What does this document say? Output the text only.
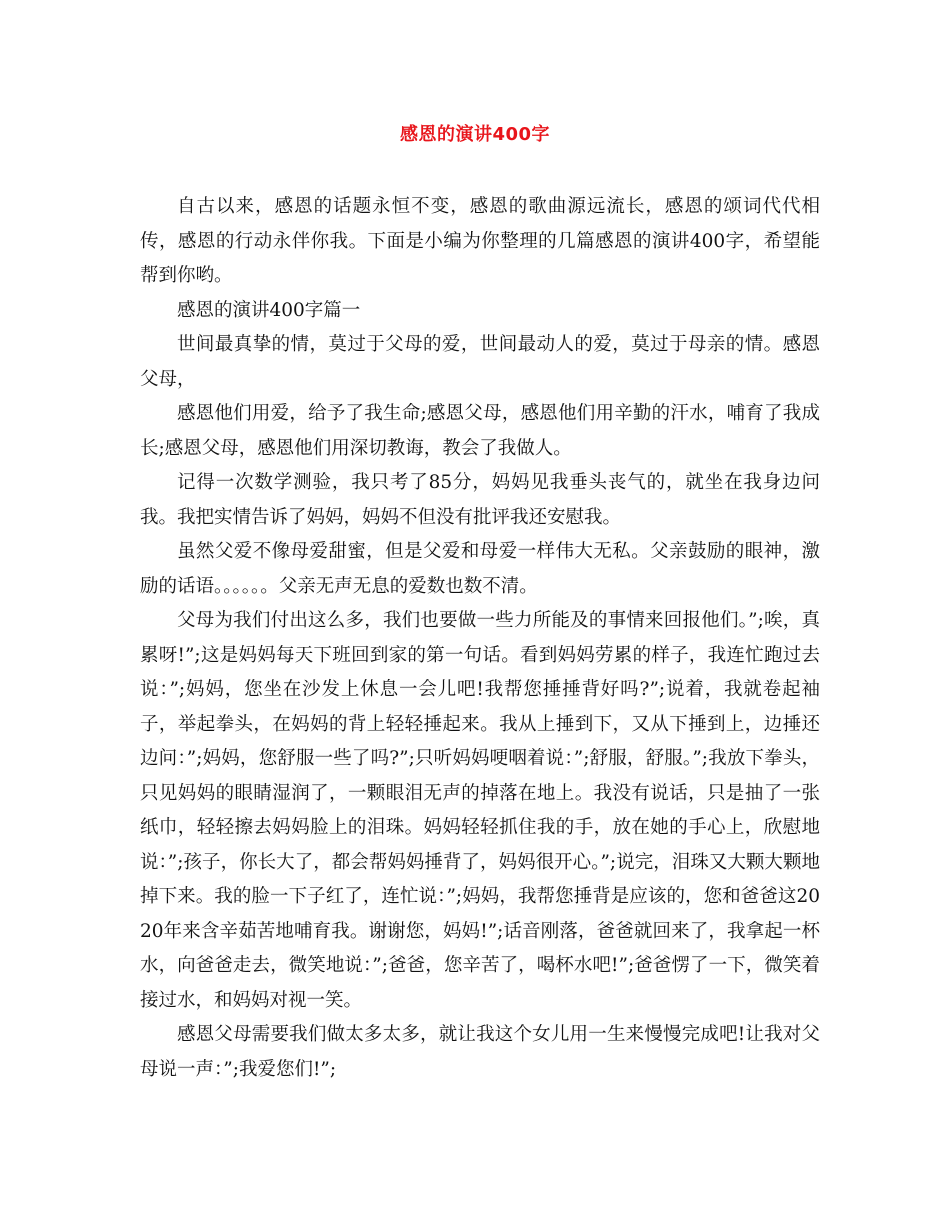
感恩的演讲400字

自古以来，感恩的话题永恒不变，感恩的歌曲源远流长，感恩的颂词代代相传，感恩的行动永伴你我。下面是小编为你整理的几篇感恩的演讲400字，希望能帮到你哟。

感恩的演讲400字篇一

世间最真挚的情，莫过于父母的爱，世间最动人的爱，莫过于母亲的情。感恩父母，

感恩他们用爱，给予了我生命;感恩父母，感恩他们用辛勤的汗水，哺育了我成长;感恩父母，感恩他们用深切教诲，教会了我做人。

记得一次数学测验，我只考了85分，妈妈见我垂头丧气的，就坐在我身边问我。我把实情告诉了妈妈，妈妈不但没有批评我还安慰我。

虽然父爱不像母爱甜蜜，但是父爱和母爱一样伟大无私。父亲鼓励的眼神，激励的话语。。。。。。父亲无声无息的爱数也数不清。

父母为我们付出这么多，我们也要做一些力所能及的事情来回报他们。”;唉，真累呀!”;这是妈妈每天下班回到家的第一句话。看到妈妈劳累的样子，我连忙跑过去说：”;妈妈，您坐在沙发上休息一会儿吧!我帮您捶捶背好吗?”;说着，我就卷起袖子，举起拳头，在妈妈的背上轻轻捶起来。我从上捶到下，又从下捶到上，边捶还边问：”;妈妈，您舒服一些了吗?”;只听妈妈哽咽着说：”;舒服，舒服。”;我放下拳头，只见妈妈的眼睛湿润了，一颗眼泪无声的掉落在地上。我没有说话，只是抽了一张纸巾，轻轻擦去妈妈脸上的泪珠。妈妈轻轻抓住我的手，放在她的手心上，欣慰地说：”;孩子，你长大了，都会帮妈妈捶背了，妈妈很开心。”;说完，泪珠又大颗大颗地掉下来。我的脸一下子红了，连忙说：”;妈妈，我帮您捶背是应该的，您和爸爸这2020年来含辛茹苦地哺育我。谢谢您，妈妈!”;话音刚落，爸爸就回来了，我拿起一杯水，向爸爸走去，微笑地说：”;爸爸，您辛苦了，喝杯水吧!”;爸爸愣了一下，微笑着接过水，和妈妈对视一笑。

感恩父母需要我们做太多太多，就让我这个女儿用一生来慢慢完成吧!让我对父母说一声：”;我爱您们!”;
